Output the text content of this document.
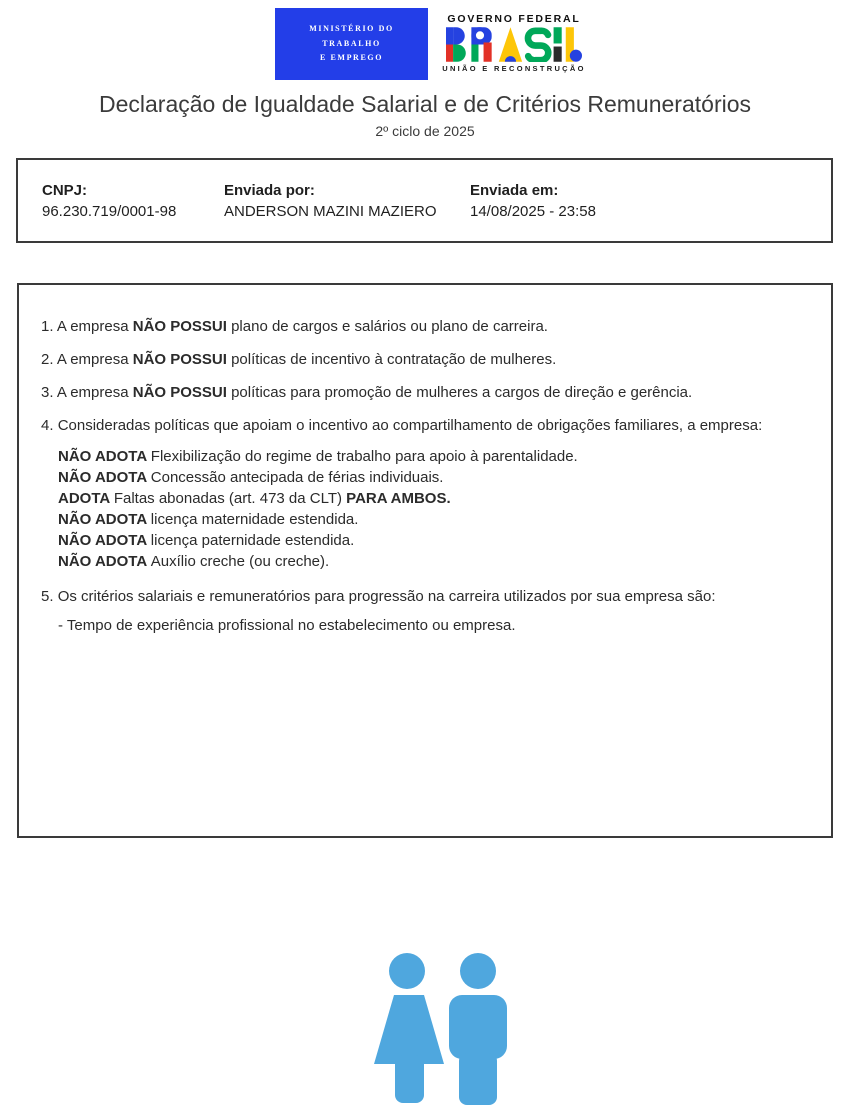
MINISTÉRIO DO
TRABALHO
E EMPREGO
GOVERNO FEDERAL
UNIÃO E RECONSTRUÇÃO
Declaração de Igualdade Salarial e de Critérios Remuneratórios
2º ciclo de 2025
CNPJ:
96.230.719/0001-98
Enviada por:
ANDERSON MAZINI MAZIERO
Enviada em:
14/08/2025 - 23:58
1. A empresa NÃO POSSUI plano de cargos e salários ou plano de carreira.
2. A empresa NÃO POSSUI políticas de incentivo à contratação de mulheres.
3. A empresa NÃO POSSUI políticas para promoção de mulheres a cargos de direção e gerência.
4. Consideradas políticas que apoiam o incentivo ao compartilhamento de obrigações familiares, a empresa:
NÃO ADOTA Flexibilização do regime de trabalho para apoio à parentalidade.
NÃO ADOTA Concessão antecipada de férias individuais.
ADOTA Faltas abonadas (art. 473 da CLT) PARA AMBOS.
NÃO ADOTA licença maternidade estendida.
NÃO ADOTA licença paternidade estendida.
NÃO ADOTA Auxílio creche (ou creche).
5. Os critérios salariais e remuneratórios para progressão na carreira utilizados por sua empresa são:
- Tempo de experiência profissional no estabelecimento ou empresa.
